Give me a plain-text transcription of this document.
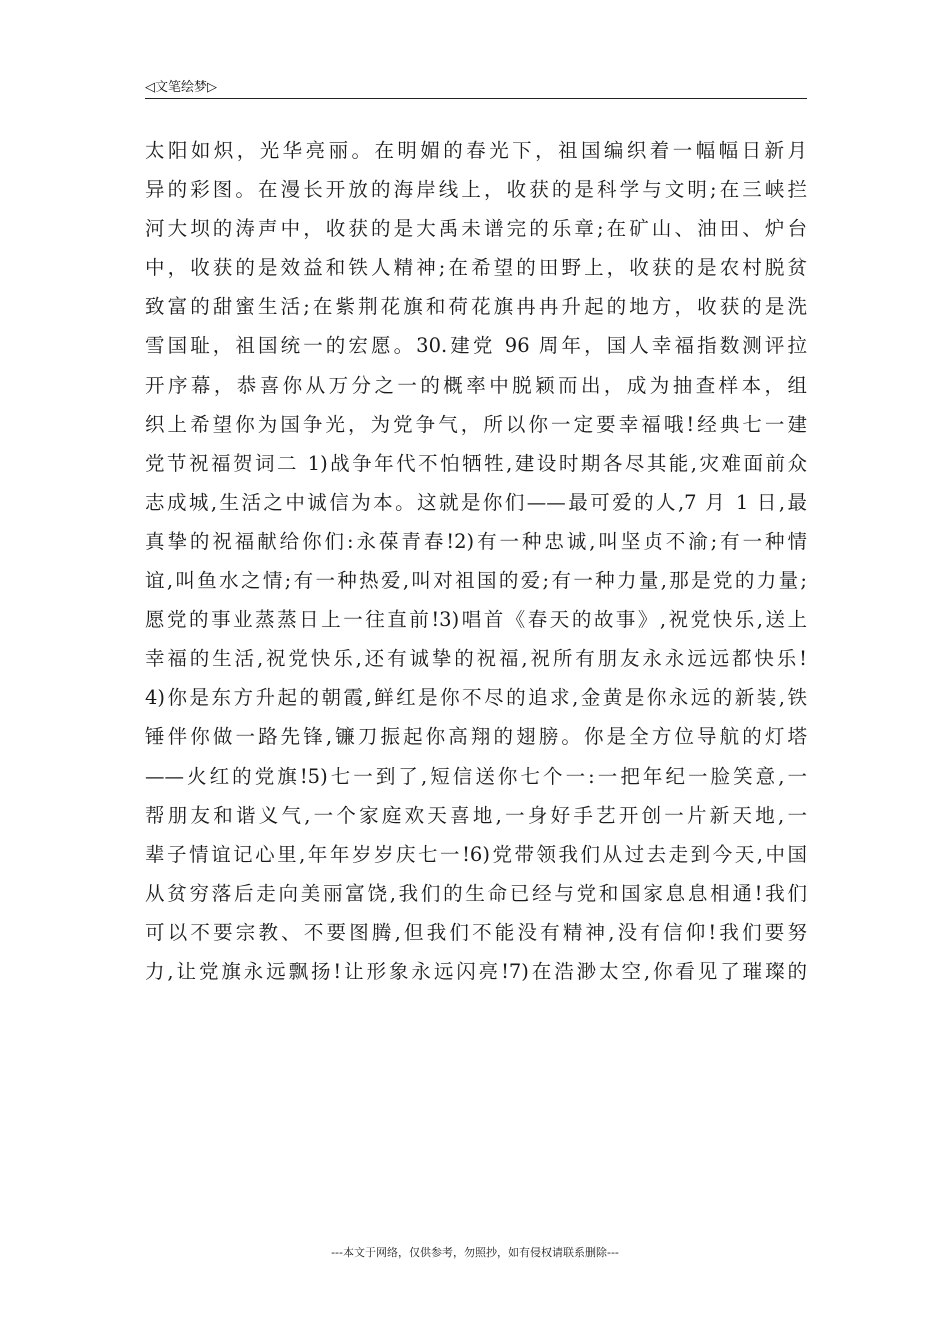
◁文笔绘梦▷
太阳如炽，光华亮丽。在明媚的春光下，祖国编织着一幅幅日新月
异的彩图。在漫长开放的海岸线上，收获的是科学与文明;在三峡拦
河大坝的涛声中，收获的是大禹未谱完的乐章;在矿山、油田、炉台
中，收获的是效益和铁人精神;在希望的田野上，收获的是农村脱贫
致富的甜蜜生活;在紫荆花旗和荷花旗冉冉升起的地方，收获的是洗
雪国耻，祖国统一的宏愿。30.建党 96 周年，国人幸福指数测评拉
开序幕，恭喜你从万分之一的概率中脱颖而出，成为抽查样本，组
织上希望你为国争光，为党争气，所以你一定要幸福哦!经典七一建
党节祝福贺词二 1)战争年代不怕牺牲,建设时期各尽其能,灾难面前众
志成城,生活之中诚信为本。这就是你们——最可爱的人,7 月 1 日,最
真挚的祝福献给你们:永葆青春!2)有一种忠诚,叫坚贞不渝;有一种情
谊,叫鱼水之情;有一种热爱,叫对祖国的爱;有一种力量,那是党的力量;
愿党的事业蒸蒸日上一往直前!3)唱首《春天的故事》,祝党快乐,送上
幸福的生活,祝党快乐,还有诚挚的祝福,祝所有朋友永永远远都快乐!
4)你是东方升起的朝霞,鲜红是你不尽的追求,金黄是你永远的新装,铁
锤伴你做一路先锋,镰刀振起你高翔的翅膀。你是全方位导航的灯塔
——火红的党旗!5)七一到了,短信送你七个一:一把年纪一脸笑意,一
帮朋友和谐义气,一个家庭欢天喜地,一身好手艺开创一片新天地,一
辈子情谊记心里,年年岁岁庆七一!6)党带领我们从过去走到今天,中国
从贫穷落后走向美丽富饶,我们的生命已经与党和国家息息相通!我们
可以不要宗教、不要图腾,但我们不能没有精神,没有信仰!我们要努
力,让党旗永远飘扬!让形象永远闪亮!7)在浩渺太空,你看见了璀璨的
---本文于网络，仅供参考，勿照抄，如有侵权请联系删除---
